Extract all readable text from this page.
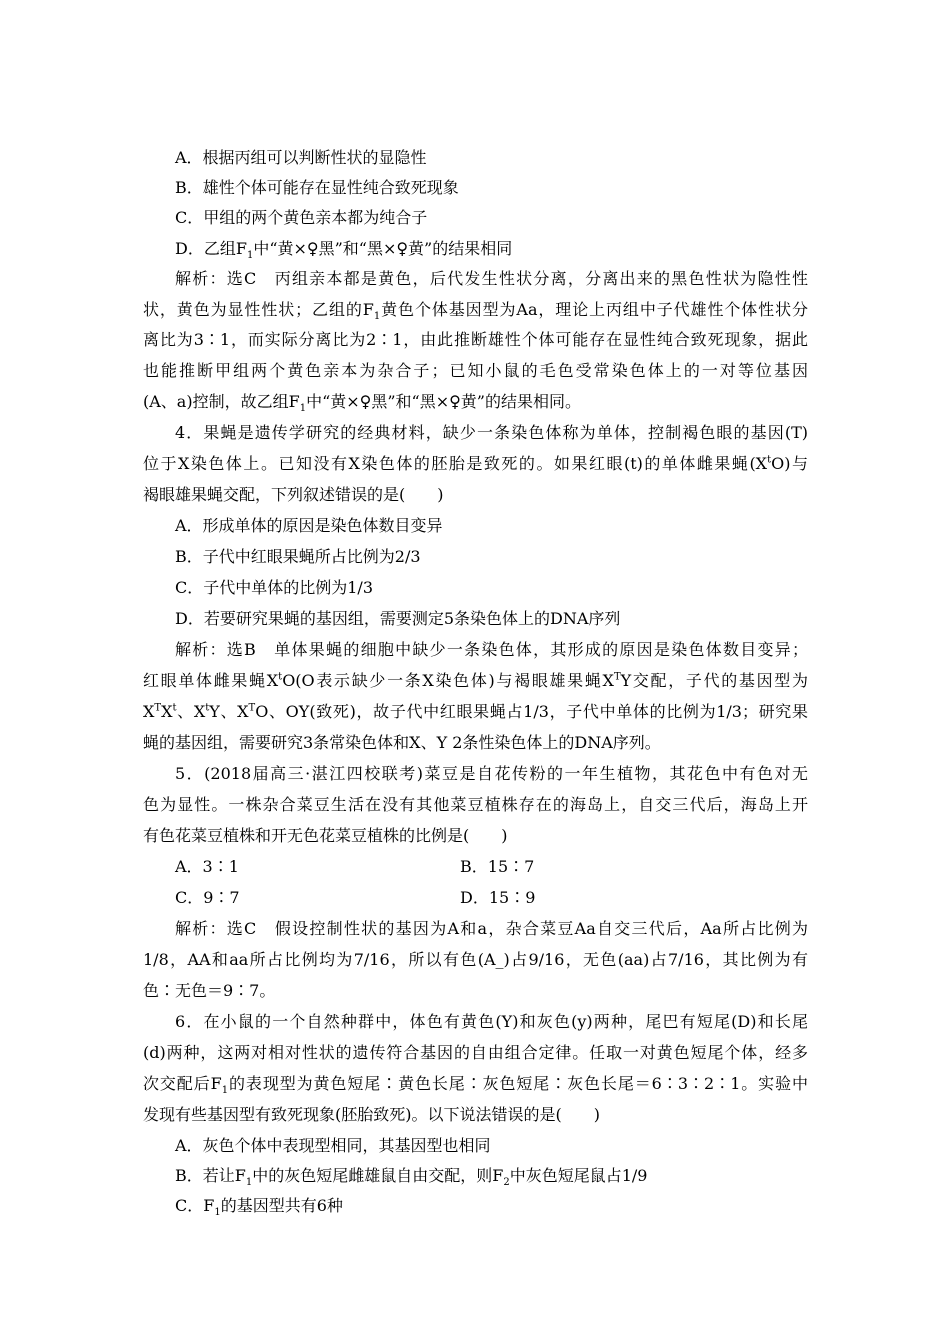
A．根据丙组可以判断性状的显隐性
B．雄性个体可能存在显性纯合致死现象
C．甲组的两个黄色亲本都为纯合子
D．乙组$F_1$中“黄×♀黑”和“黑×♀黄”的结果相同
解析：选C　丙组亲本都是黄色，后代发生性状分离，分离出来的黑色性状为隐性性
状，黄色为显性性状；乙组的$F_1$黄色个体基因型为Aa，理论上丙组中子代雄性个体性状分
离比为3∶1，而实际分离比为2∶1，由此推断雄性个体可能存在显性纯合致死现象，据此
也能推断甲组两个黄色亲本为杂合子；已知小鼠的毛色受常染色体上的一对等位基因
(A、a)控制，故乙组$F_1$中“黄×♀黑”和“黑×♀黄”的结果相同。
4．果蝇是遗传学研究的经典材料，缺少一条染色体称为单体，控制褐色眼的基因(T)
位于X染色体上。已知没有X染色体的胚胎是致死的。如果红眼(t)的单体雌果蝇$(X^tO)$与
褐眼雄果蝇交配，下列叙述错误的是(　　)
A．形成单体的原因是染色体数目变异
B．子代中红眼果蝇所占比例为2/3
C．子代中单体的比例为1/3
D．若要研究果蝇的基因组，需要测定5条染色体上的DNA序列
解析：选B　单体果蝇的细胞中缺少一条染色体，其形成的原因是染色体数目变异；
红眼单体雌果蝇$X^tO(O$表示缺少一条X染色体)与褐眼雄果蝇$X^TY$交配，子代的基因型为
$X^TX^t$、$X^tY$、$X^TO$、OY(致死)，故子代中红眼果蝇占1/3，子代中单体的比例为1/3；研究果
蝇的基因组，需要研究3条常染色体和X、Y 2条性染色体上的DNA序列。
5．(2018届高三·湛江四校联考)菜豆是自花传粉的一年生植物，其花色中有色对无
色为显性。一株杂合菜豆生活在没有其他菜豆植株存在的海岛上，自交三代后，海岛上开
有色花菜豆植株和开无色花菜豆植株的比例是(　　)
A．3∶1	B．15∶7
C．9∶7	D．15∶9
解析：选C　假设控制性状的基因为A和a，杂合菜豆Aa自交三代后，Aa所占比例为
1/8，AA和aa所占比例均为7/16，所以有色(A_)占9/16，无色(aa)占7/16，其比例为有
色∶无色＝9∶7。
6．在小鼠的一个自然种群中，体色有黄色(Y)和灰色(y)两种，尾巴有短尾(D)和长尾
(d)两种，这两对相对性状的遗传符合基因的自由组合定律。任取一对黄色短尾个体，经多
次交配后$F_1$的表现型为黄色短尾∶黄色长尾∶灰色短尾∶灰色长尾＝6∶3∶2∶1。实验中
发现有些基因型有致死现象(胚胎致死)。以下说法错误的是(　　)
A．灰色个体中表现型相同，其基因型也相同
B．若让$F_1$中的灰色短尾雌雄鼠自由交配，则$F_2$中灰色短尾鼠占1/9
C．$F_1$的基因型共有6种
